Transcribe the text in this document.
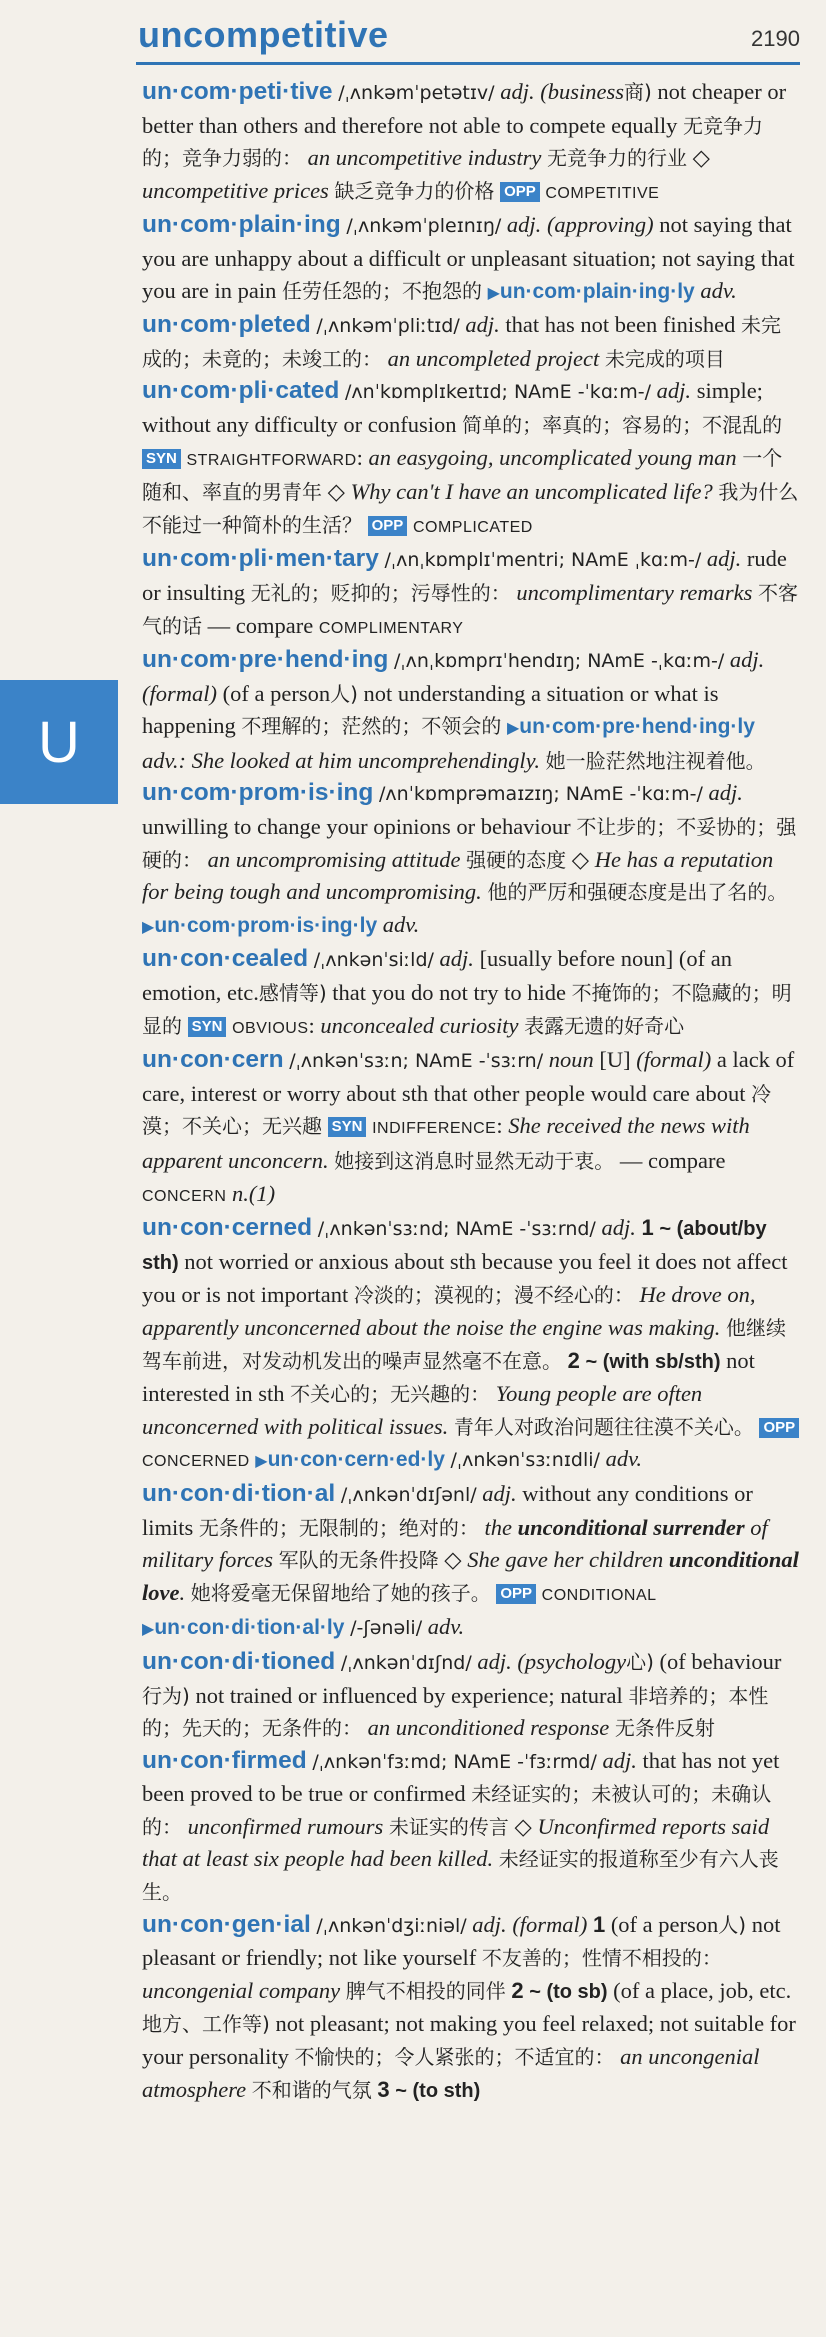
uncompetitive	2190
U

un·com·peti·tive /ˌʌnkəmˈpetətɪv/ adj. (business商) not cheaper or better than others and therefore not able to compete equally 无竞争力的；竞争力弱的： an uncompetitive industry 无竞争力的行业 ◇ uncompetitive prices 缺乏竞争力的价格 OPP COMPETITIVE

un·com·plain·ing /ˌʌnkəmˈpleɪnɪŋ/ adj. (approving) not saying that you are unhappy about a difficult or unpleasant situation; not saying that you are in pain 任劳任怨的；不抱怨的 ▶un·com·plain·ing·ly adv.

un·com·pleted /ˌʌnkəmˈpliːtɪd/ adj. that has not been finished 未完成的；未竟的；未竣工的： an uncompleted project 未完成的项目

un·com·pli·cated /ʌnˈkɒmplɪkeɪtɪd; NAmE -ˈkɑːm-/ adj. simple; without any difficulty or confusion 简单的；率真的；容易的；不混乱的 SYN STRAIGHTFORWARD: an easygoing, uncomplicated young man 一个随和、率直的男青年 ◇ Why can't I have an uncomplicated life? 我为什么不能过一种简朴的生活？ OPP COMPLICATED

un·com·pli·men·tary /ˌʌnˌkɒmplɪˈmentri; NAmE ˌkɑːm-/ adj. rude or insulting 无礼的；贬抑的；污辱性的： uncomplimentary remarks 不客气的话 — compare COMPLIMENTARY

un·com·pre·hend·ing /ˌʌnˌkɒmprɪˈhendɪŋ; NAmE -ˌkɑːm-/ adj. (formal) (of a person人) not understanding a situation or what is happening 不理解的；茫然的；不领会的 ▶un·com·pre·hend·ing·ly adv.: She looked at him uncomprehendingly. 她一脸茫然地注视着他。

un·com·prom·is·ing /ʌnˈkɒmprəmaɪzɪŋ; NAmE -ˈkɑːm-/ adj. unwilling to change your opinions or behaviour 不让步的；不妥协的；强硬的： an uncompromising attitude 强硬的态度 ◇ He has a reputation for being tough and uncompromising. 他的严厉和强硬态度是出了名的。 ▶un·com·prom·is·ing·ly adv.

un·con·cealed /ˌʌnkənˈsiːld/ adj. [usually before noun] (of an emotion, etc.感情等) that you do not try to hide 不掩饰的；不隐藏的；明显的 SYN OBVIOUS: unconcealed curiosity 表露无遗的好奇心

un·con·cern /ˌʌnkənˈsɜːn; NAmE -ˈsɜːrn/ noun [U] (formal) a lack of care, interest or worry about sth that other people would care about 冷漠；不关心；无兴趣 SYN INDIFFERENCE: She received the news with apparent unconcern. 她接到这消息时显然无动于衷。 — compare CONCERN n.(1)

un·con·cerned /ˌʌnkənˈsɜːnd; NAmE -ˈsɜːrnd/ adj. 1 ~ (about/by sth) not worried or anxious about sth because you feel it does not affect you or is not important 冷淡的；漠视的；漫不经心的： He drove on, apparently unconcerned about the noise the engine was making. 他继续驾车前进，对发动机发出的噪声显然毫不在意。 2 ~ (with sb/sth) not interested in sth 不关心的；无兴趣的： Young people are often unconcerned with political issues. 青年人对政治问题往往漠不关心。 OPP CONCERNED ▶un·con·cern·ed·ly /ˌʌnkənˈsɜːnɪdli/ adv.

un·con·di·tion·al /ˌʌnkənˈdɪʃənl/ adj. without any conditions or limits 无条件的；无限制的；绝对的： the unconditional surrender of military forces 军队的无条件投降 ◇ She gave her children unconditional love. 她将爱毫无保留地给了她的孩子。 OPP CONDITIONAL ▶un·con·di·tion·al·ly /-ʃənəli/ adv.

un·con·di·tioned /ˌʌnkənˈdɪʃnd/ adj. (psychology心) (of behaviour行为) not trained or influenced by experience; natural 非培养的；本性的；先天的；无条件的： an unconditioned response 无条件反射

un·con·firmed /ˌʌnkənˈfɜːmd; NAmE -ˈfɜːrmd/ adj. that has not yet been proved to be true or confirmed 未经证实的；未被认可的；未确认的： unconfirmed rumours 未证实的传言 ◇ Unconfirmed reports said that at least six people had been killed. 未经证实的报道称至少有六人丧生。

un·con·gen·ial /ˌʌnkənˈdʒiːniəl/ adj. (formal) 1 (of a person人) not pleasant or friendly; not like yourself 不友善的；性情不相投的： uncongenial company 脾气不相投的同伴 2 ~ (to sb) (of a place, job, etc.地方、工作等) not pleasant; not making you feel relaxed; not suitable for your personality 不愉快的；令人紧张的；不适宜的： an uncongenial atmosphere 不和谐的气氛 3 ~ (to sth)
